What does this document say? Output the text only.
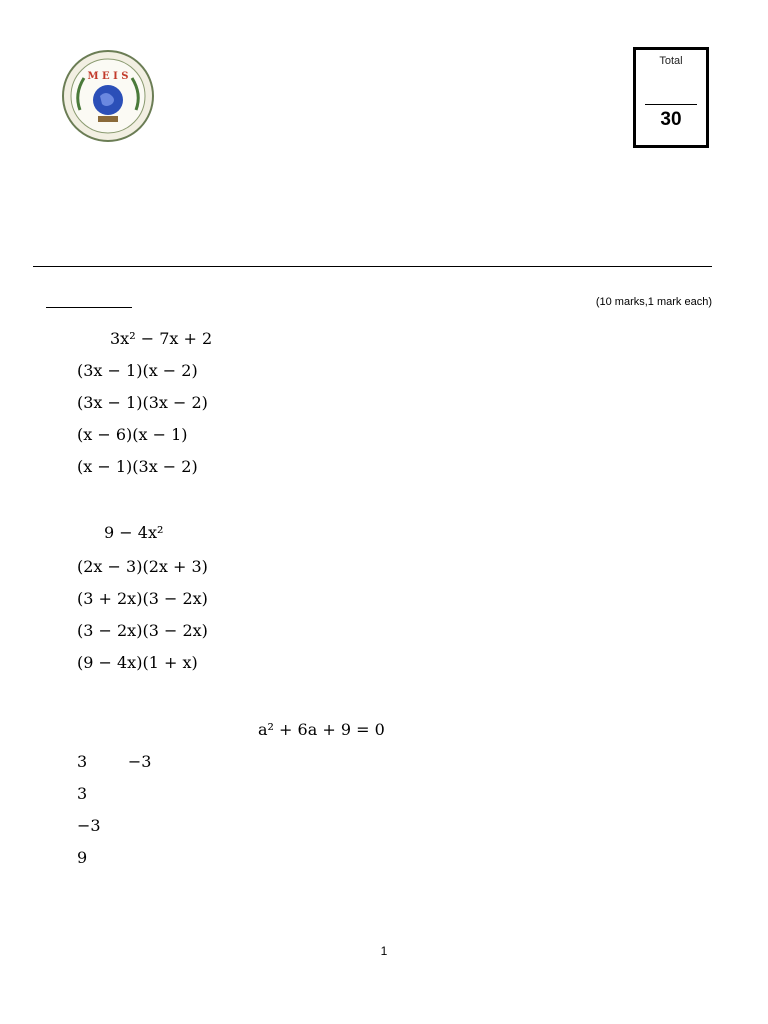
M E I S
Total
30
(10 marks,1 mark each)
3x² − 7x + 2
(3x − 1)(x − 2)
(3x − 1)(3x − 2)
(x − 6)(x − 1)
(x − 1)(3x − 2)
9 − 4x²
(2x − 3)(2x + 3)
(3 + 2x)(3 − 2x)
(3 − 2x)(3 − 2x)
(9 − 4x)(1 + x)
a² + 6a + 9 = 0
3        −3
3
−3
9
1
